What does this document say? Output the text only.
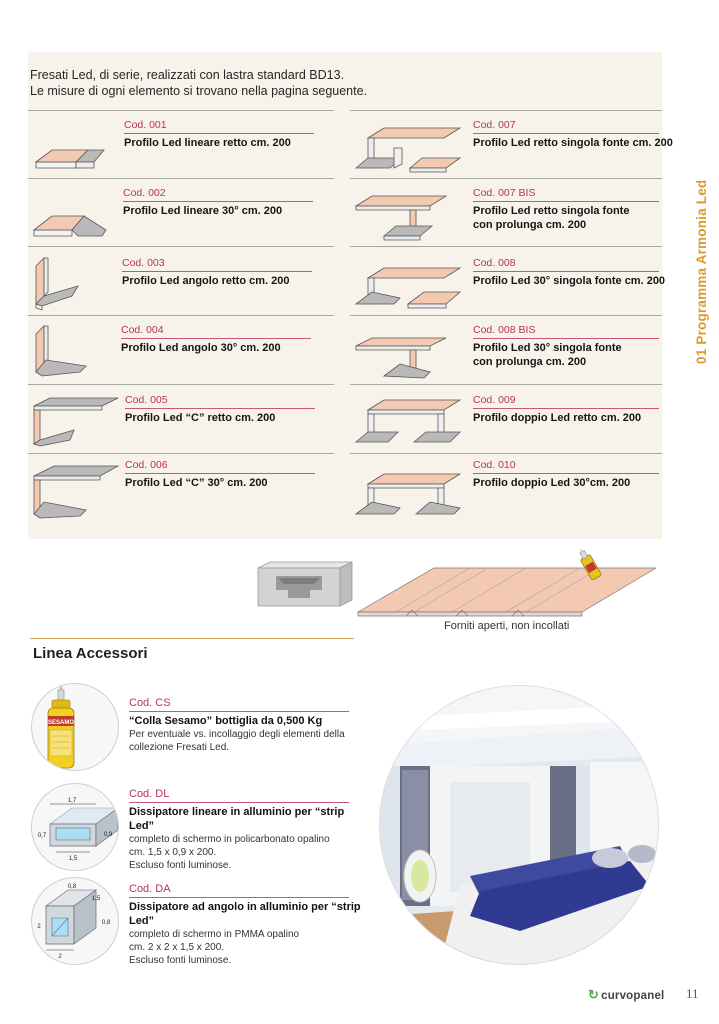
Fresati Led, di serie, realizzati con lastra standard BD13.
Le misure di ogni elemento si trovano nella pagina seguente.
Cod. 001
Profilo Led lineare retto cm. 200
Cod. 002
Profilo Led lineare 30° cm. 200
Cod. 003
Profilo Led angolo retto cm. 200
Cod. 004
Profilo Led angolo 30° cm. 200
Cod. 005
Profilo Led “C” retto cm. 200
Cod. 006
Profilo Led “C” 30° cm. 200
Cod. 007
Profilo Led retto singola fonte cm. 200
Cod. 007 BIS
Profilo Led retto singola fonte
con prolunga cm. 200
Cod. 008
Profilo Led 30° singola fonte cm. 200
Cod. 008 BIS
Profilo Led 30° singola fonte
con prolunga cm. 200
Cod. 009
Profilo doppio Led retto cm. 200
Cod. 010
Profilo doppio Led 30°cm. 200
01 Programma Armonia Led
Forniti aperti, non incollati
Linea Accessori
SESAMO
1,7
0,7	0,9
1,5
0,8
1,5
0,8
2
2
Cod. CS
“Colla Sesamo” bottiglia da 0,500 Kg
Per eventuale vs. incollaggio degli elementi della
collezione Fresati Led.
Cod. DL
Dissipatore lineare in alluminio per “strip Led”
completo di schermo in policarbonato opalino
cm. 1,5 x 0,9 x 200.
Escluso fonti luminose.
Cod. DA
Dissipatore ad angolo in alluminio per “strip Led”
completo di schermo in PMMA opalino
cm. 2 x 2 x 1,5 x 200.
Escluso fonti luminose.
↻ curvopanel 11
